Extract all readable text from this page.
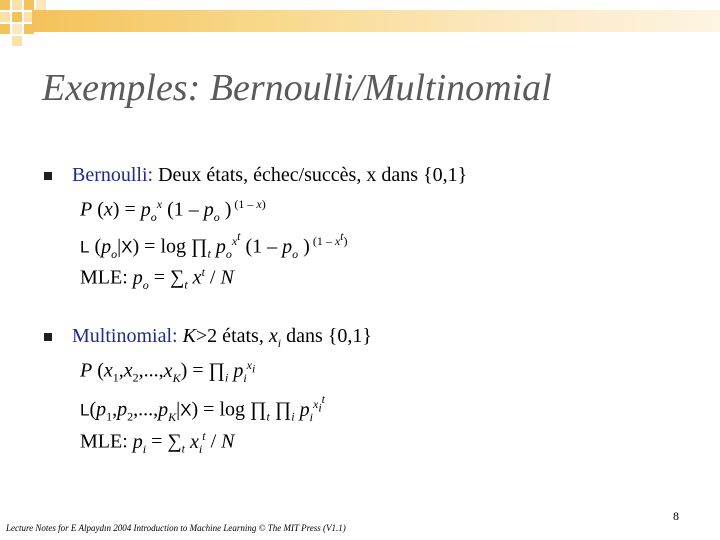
Exemples: Bernoulli/Multinomial
Bernoulli: Deux états, échec/succès, x dans {0,1}
P $(x) = p_o^x$ ($1 - p_o$ ) $^{(1 - x)}$
L $(p_o|X) = \log$ $\prod_t$ $p_o^{x^t}$ ($1 - p_o$ ) $^{(1 - x^t)}$
MLE: $p_o = \sum_t$ $x^t$ / N
Multinomial: K>2 états, $x_i$ dans {0,1}
P $(x_1,x_2,...,x_K)$ = $\prod_i$ $p_i^{x_i}$
$L(p_1,p_2,...,p_K|X) = \log$ $\prod_t$ $\prod_i$ $p_i^{x_i^t}$
MLE: $p_i = \sum_t$ $x_i^t$ / N
8
Lecture Notes for E Alpaydın 2004 Introduction to Machine Learning © The MIT Press (V1.1)
